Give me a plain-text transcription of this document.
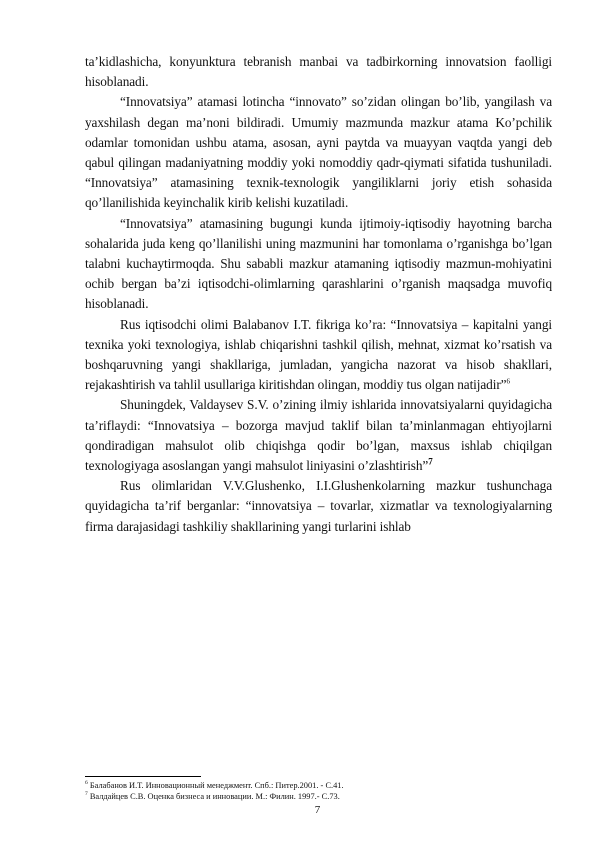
ta’kidlashicha, konyunktura tebranish manbai va tadbirkorning innovatsion faolligi hisoblanadi.

“Innovatsiya” atamasi lotincha “innovato” so’zidan olingan bo’lib, yangilash va yaxshilash degan ma’noni bildiradi. Umumiy mazmunda mazkur atama Ko’pchilik odamlar tomonidan ushbu atama, asosan, ayni paytda va muayyan vaqtda yangi deb qabul qilingan madaniyatning moddiy yoki nomoddiy qadr-qiymati sifatida tushuniladi. “Innovatsiya” atamasining texnik-texnologik yangiliklarni joriy etish sohasida qo’llanilishida keyinchalik kirib kelishi kuzatiladi.

“Innovatsiya” atamasining bugungi kunda ijtimoiy-iqtisodiy hayotning barcha sohalarida juda keng qo’llanilishi uning mazmunini har tomonlama o’rganishga bo’lgan talabni kuchaytirmoqda. Shu sababli mazkur atamaning iqtisodiy mazmun-mohiyatini ochib bergan ba’zi iqtisodchi-olimlarning qarashlarini o’rganish maqsadga muvofiq hisoblanadi.

Rus iqtisodchi olimi Balabanov I.T. fikriga ko’ra: “Innovatsiya – kapitalni yangi texnika yoki texnologiya, ishlab chiqarishni tashkil qilish, mehnat, xizmat ko’rsatish va boshqaruvning yangi shakllariga, jumladan, yangicha nazorat va hisob shakllari, rejakashtirish va tahlil usullariga kiritishdan olingan, moddiy tus olgan natijadir”$^6$

Shuningdek, Valdaysev S.V. o’zining ilmiy ishlarida innovatsiyalarni quyidagicha ta’riflaydi: “Innovatsiya – bozorga mavjud taklif bilan ta’minlanmagan ehtiyojlarni qondiradigan mahsulot olib chiqishga qodir bo’lgan, maxsus ishlab chiqilgan texnologiyaga asoslangan yangi mahsulot liniyasini o’zlashtirish”$^7$

Rus olimlaridan V.V.Glushenko, I.I.Glushenkolarning mazkur tushunchaga quyidagicha ta’rif berganlar: “innovatsiya – tovarlar, xizmatlar va texnologiyalarning firma darajasidagi tashkiliy shakllarining yangi turlarini ishlab

$^6$ Балабанов И.Т. Инновационный менеджмент. Спб.: Питер.2001. - С.41.

$^7$ Валдайцев С.В. Оценка бизнеса и инновации. М.: Филин. 1997.- С.73.

7
